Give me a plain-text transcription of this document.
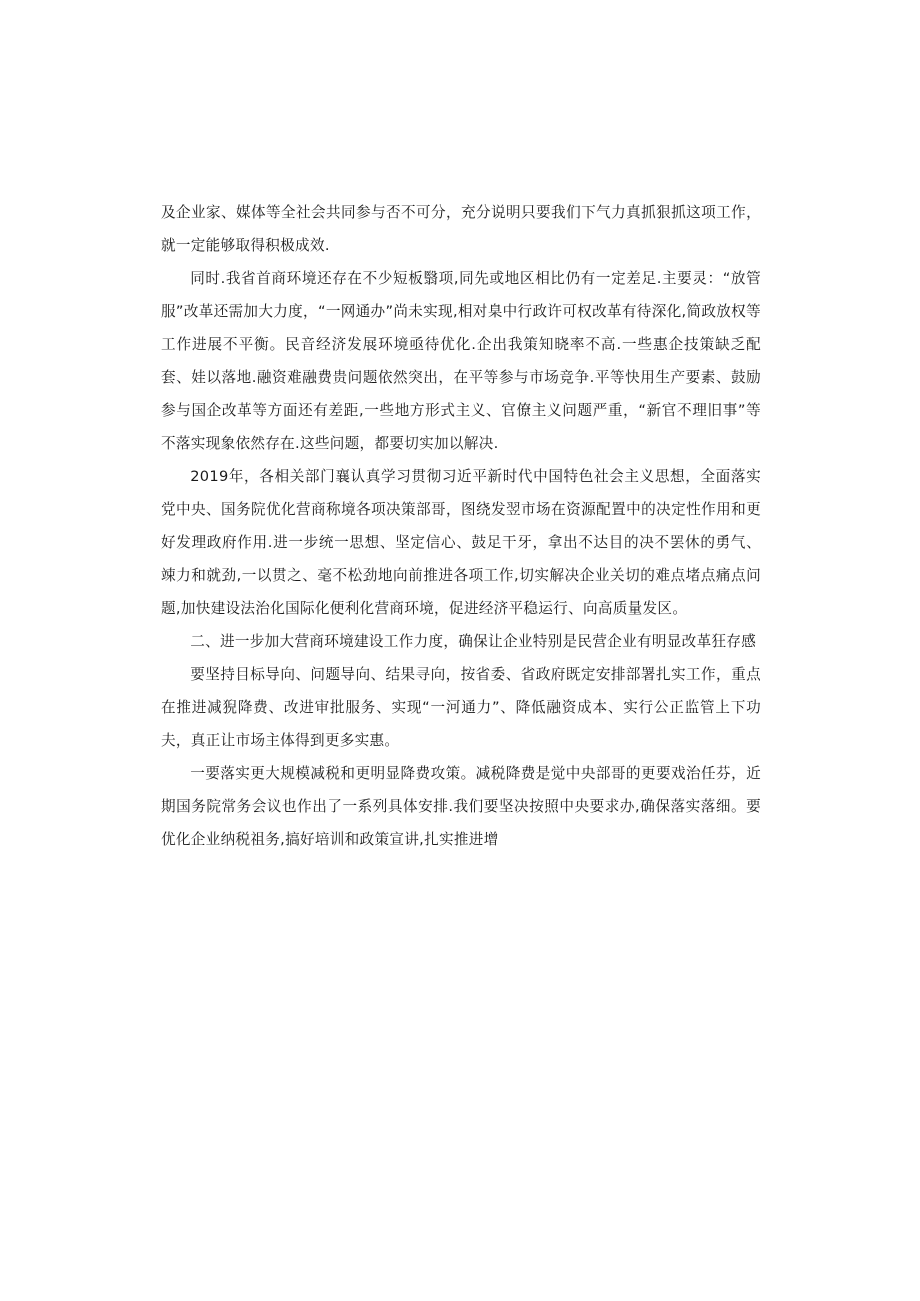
及企业家、媒体等全社会共同参与否不可分，充分说明只要我们下气力真抓狠抓这项工作，就一定能够取得积极成效.

同时.我省首商环境还存在不少短板翳项,同先或地区相比仍有一定差足.主要灵：“放管服”改革还需加大力度，“一网通办”尚未实现,相对臬中行政许可权改革有待深化,简政放权等工作进展不平衡。民音经济发展环境亟待优化.企出我策知晓率不高.一些惠企技策缺乏配套、娃以落地.融资难融费贵问题依然突出，在平等参与市场竞争.平等快用生产要素、鼓励参与国企改革等方面还有差距,一些地方形式主义、官僚主义问题严重，“新官不理旧事”等不落实现象依然存在.这些问题，都要切实加以解决.

2019年，各相关部门襄认真学习贯彻习近平新时代中国特色社会主义思想，全面落实党中央、国务院优化营商称境各项决策部哥，图绕发翌市场在资源配置中的决定性作用和更好发理政府作用.进一步统一思想、坚定信心、鼓足干牙，拿出不达目的决不罢休的勇气、竦力和就劲,一以贯之、毫不松劲地向前推进各项工作,切实解决企业关切的难点堵点痛点问题,加快建设法治化国际化便利化营商环境，促进经济平稳运行、向高质量发区。

二、进一步加大营商环境建设工作力度，确保让企业特别是民营企业有明显改革狂存感

要坚持目标导向、问题导向、结果寻向，按省委、省政府既定安排部署扎实工作，重点在推进减猊降费、改进审批服务、实现“一河通力”、降低融资成本、实行公正监管上下功夫，真正让市场主体得到更多实惠。

一要落实更大规模减税和更明显降费攻策。减税降费是觉中央部哥的更要戏治任芬，近期国务院常务会议也作出了一系列具体安排.我们要坚决按照中央要求办,确保落实落细。要优化企业纳税祖务,搞好培训和政策宣讲,扎实推进增
